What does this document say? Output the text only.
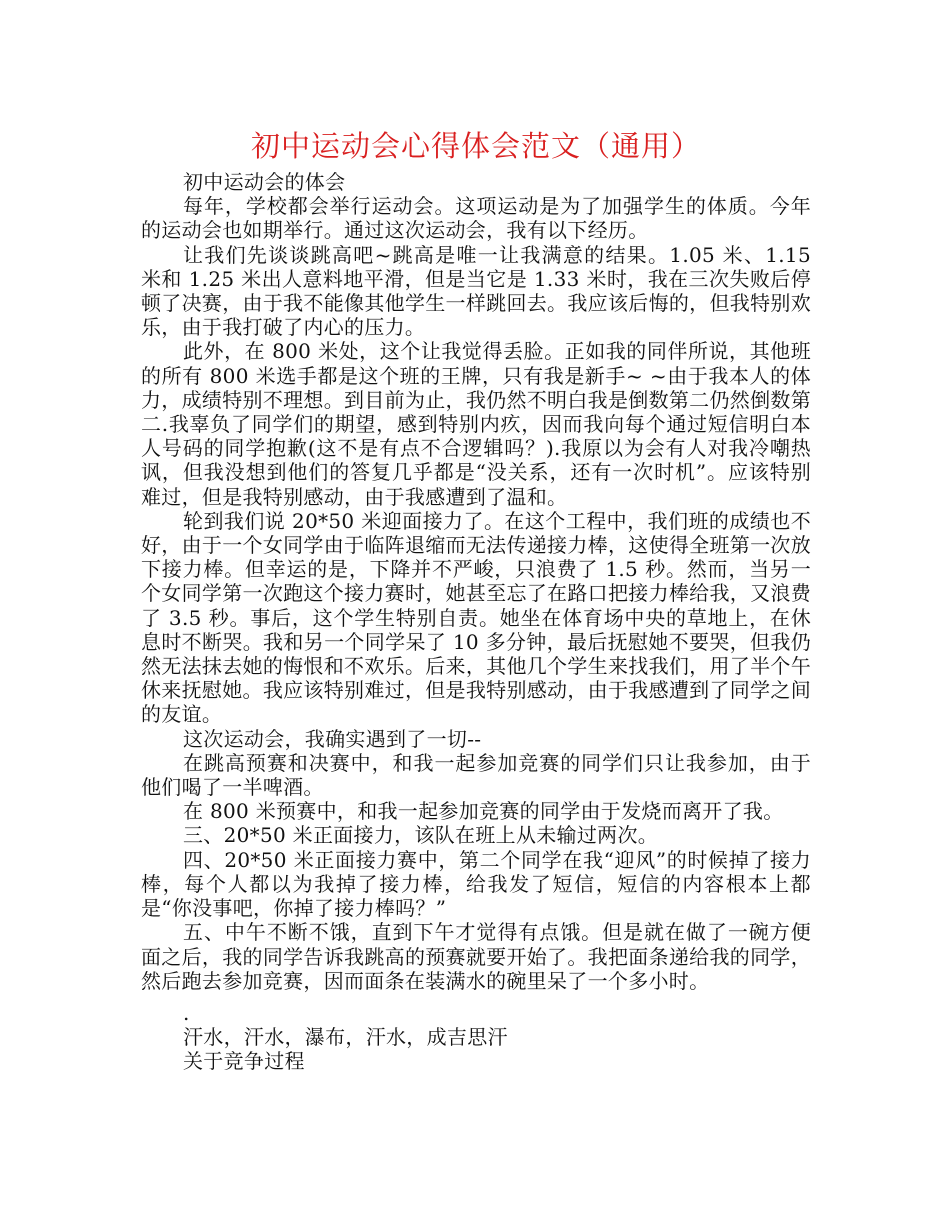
初中运动会心得体会范文（通用）

初中运动会的体会

每年，学校都会举行运动会。这项运动是为了加强学生的体质。今年的运动会也如期举行。通过这次运动会，我有以下经历。

让我们先谈谈跳高吧~跳高是唯一让我满意的结果。1.05 米、1.15 米和 1.25 米出人意料地平滑，但是当它是 1.33 米时，我在三次失败后停顿了决赛，由于我不能像其他学生一样跳回去。我应该后悔的，但我特别欢乐，由于我打破了内心的压力。

此外，在 800 米处，这个让我觉得丢脸。正如我的同伴所说，其他班的所有 800 米选手都是这个班的王牌，只有我是新手~ ~由于我本人的体力，成绩特别不理想。到目前为止，我仍然不明白我是倒数第二仍然倒数第二.我辜负了同学们的期望，感到特别内疚，因而我向每个通过短信明白本人号码的同学抱歉(这不是有点不合逻辑吗？).我原以为会有人对我冷嘲热讽，但我没想到他们的答复几乎都是“没关系，还有一次时机”。应该特别难过，但是我特别感动，由于我感遭到了温和。

轮到我们说 20*50 米迎面接力了。在这个工程中，我们班的成绩也不好，由于一个女同学由于临阵退缩而无法传递接力棒，这使得全班第一次放下接力棒。但幸运的是，下降并不严峻，只浪费了 1.5 秒。然而，当另一个女同学第一次跑这个接力赛时，她甚至忘了在路口把接力棒给我，又浪费了 3.5 秒。事后，这个学生特别自责。她坐在体育场中央的草地上，在休息时不断哭。我和另一个同学呆了 10 多分钟，最后抚慰她不要哭，但我仍然无法抹去她的悔恨和不欢乐。后来，其他几个学生来找我们，用了半个午休来抚慰她。我应该特别难过，但是我特别感动，由于我感遭到了同学之间的友谊。

这次运动会，我确实遇到了一切--

在跳高预赛和决赛中，和我一起参加竞赛的同学们只让我参加，由于他们喝了一半啤酒。

在 800 米预赛中，和我一起参加竞赛的同学由于发烧而离开了我。

三、20*50 米正面接力，该队在班上从未输过两次。

四、20*50 米正面接力赛中，第二个同学在我“迎风”的时候掉了接力棒，每个人都以为我掉了接力棒，给我发了短信，短信的内容根本上都是“你没事吧，你掉了接力棒吗？”

五、中午不断不饿，直到下午才觉得有点饿。但是就在做了一碗方便面之后，我的同学告诉我跳高的预赛就要开始了。我把面条递给我的同学，然后跑去参加竞赛，因而面条在装满水的碗里呆了一个多小时。

.

汗水，汗水，瀑布，汗水，成吉思汗

关于竞争过程
